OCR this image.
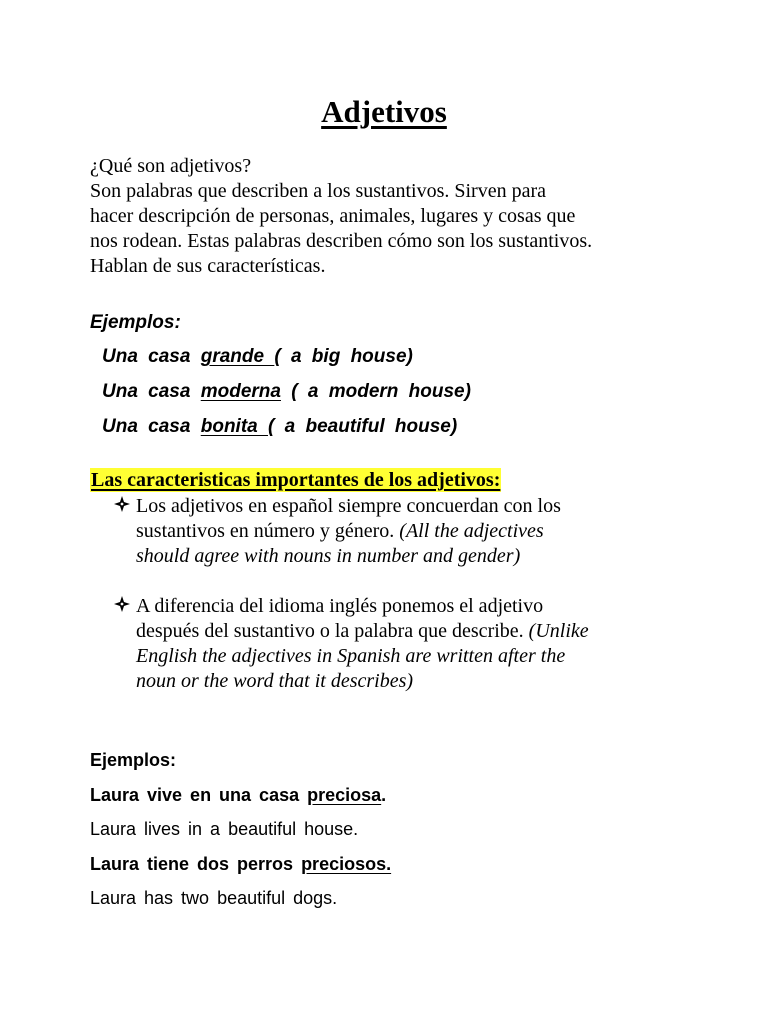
Adjetivos
¿Qué son adjetivos?
Son palabras que describen a los sustantivos. Sirven para
hacer descripción de personas, animales, lugares y cosas que
nos rodean. Estas palabras describen cómo son los sustantivos.
Hablan de sus características.
Ejemplos:
Una casa grande ( a big house)
Una casa moderna ( a modern house)
Una casa bonita ( a beautiful house)
Las caracteristicas importantes de los adjetivos:
Los adjetivos en español siempre concuerdan con los
sustantivos en número y género. (All the adjectives
should agree with nouns in number and gender)
A diferencia del idioma inglés ponemos el adjetivo
después del sustantivo o la palabra que describe. (Unlike
English the adjectives in Spanish are written after the
noun or the word that it describes)
Ejemplos:
Laura vive en una casa preciosa.
Laura lives in a beautiful house.
Laura tiene dos perros preciosos.
Laura has two beautiful dogs.
